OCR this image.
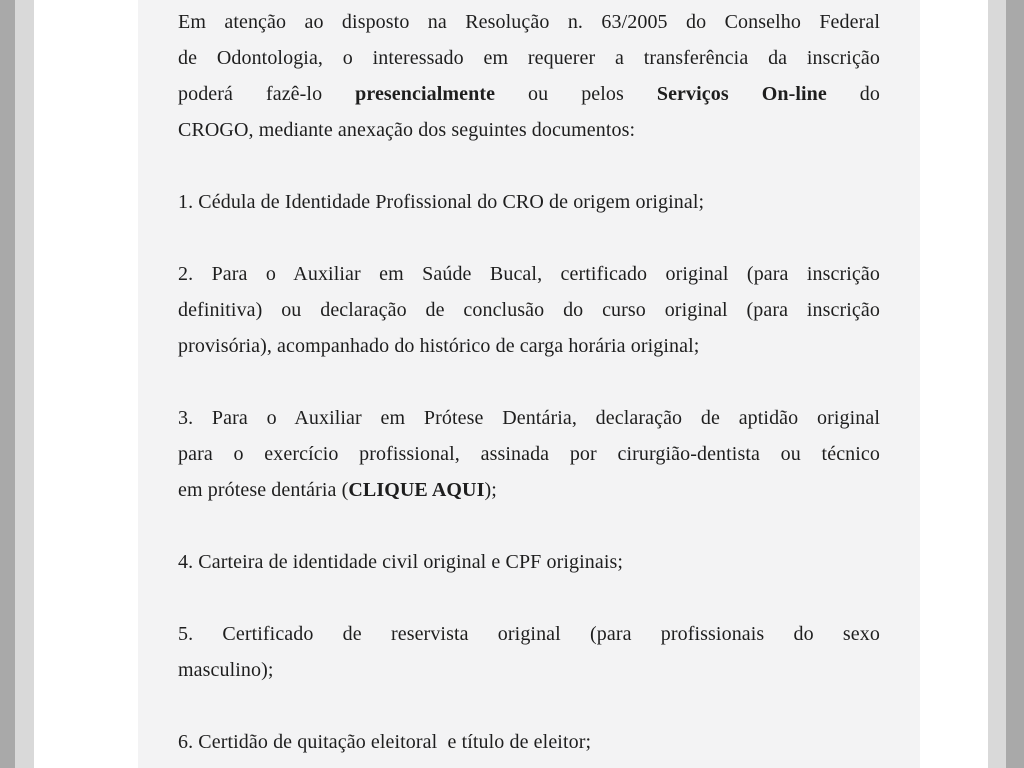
Em atenção ao disposto na Resolução n. 63/2005 do Conselho Federal
de Odontologia, o interessado em requerer a transferência da inscrição
poderá fazê-lo presencialmente ou pelos Serviços On-line do
CROGO, mediante anexação dos seguintes documentos:
1. Cédula de Identidade Profissional do CRO de origem original;
2. Para o Auxiliar em Saúde Bucal, certificado original (para inscrição
definitiva) ou declaração de conclusão do curso original (para inscrição
provisória), acompanhado do histórico de carga horária original;
3. Para o Auxiliar em Prótese Dentária, declaração de aptidão original
para o exercício profissional, assinada por cirurgião-dentista ou técnico
em prótese dentária (CLIQUE AQUI);
4. Carteira de identidade civil original e CPF originais;
5. Certificado de reservista original (para profissionais do sexo
masculino);
6. Certidão de quitação eleitoral  e título de eleitor;
